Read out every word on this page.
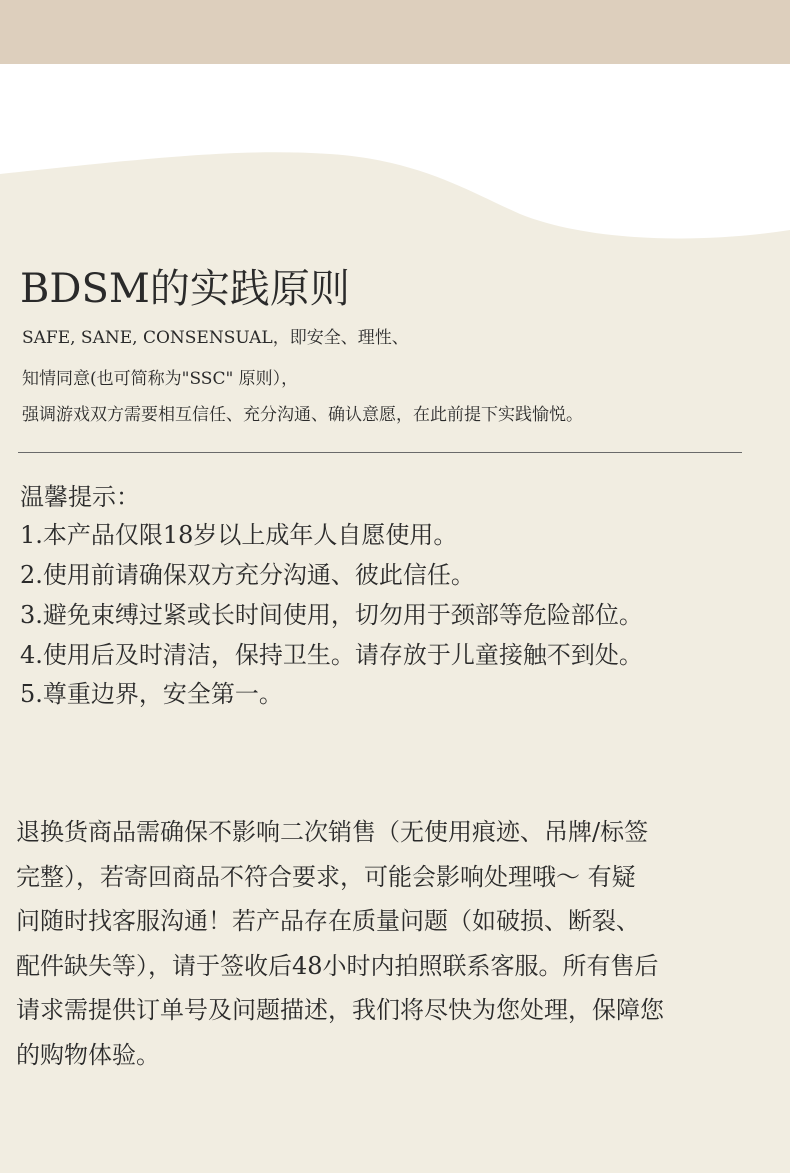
BDSM的实践原则
SAFE, SANE, CONSENSUAL，即安全、理性、
知情同意(也可简称为"SSC" 原则），
强调游戏双方需要相互信任、充分沟通、确认意愿，在此前提下实践愉悦。
温馨提示：
1.本产品仅限18岁以上成年人自愿使用。
2.使用前请确保双方充分沟通、彼此信任。
3.避免束缚过紧或长时间使用，切勿用于颈部等危险部位。
4.使用后及时清洁，保持卫生。请存放于儿童接触不到处。
5.尊重边界，安全第一。
退换货商品需确保不影响二次销售（无使用痕迹、吊牌/标签
完整），若寄回商品不符合要求，可能会影响处理哦～ 有疑
问随时找客服沟通！若产品存在质量问题（如破损、断裂、
配件缺失等），请于签收后48小时内拍照联系客服。所有售后
请求需提供订单号及问题描述，我们将尽快为您处理，保障您
的购物体验。
